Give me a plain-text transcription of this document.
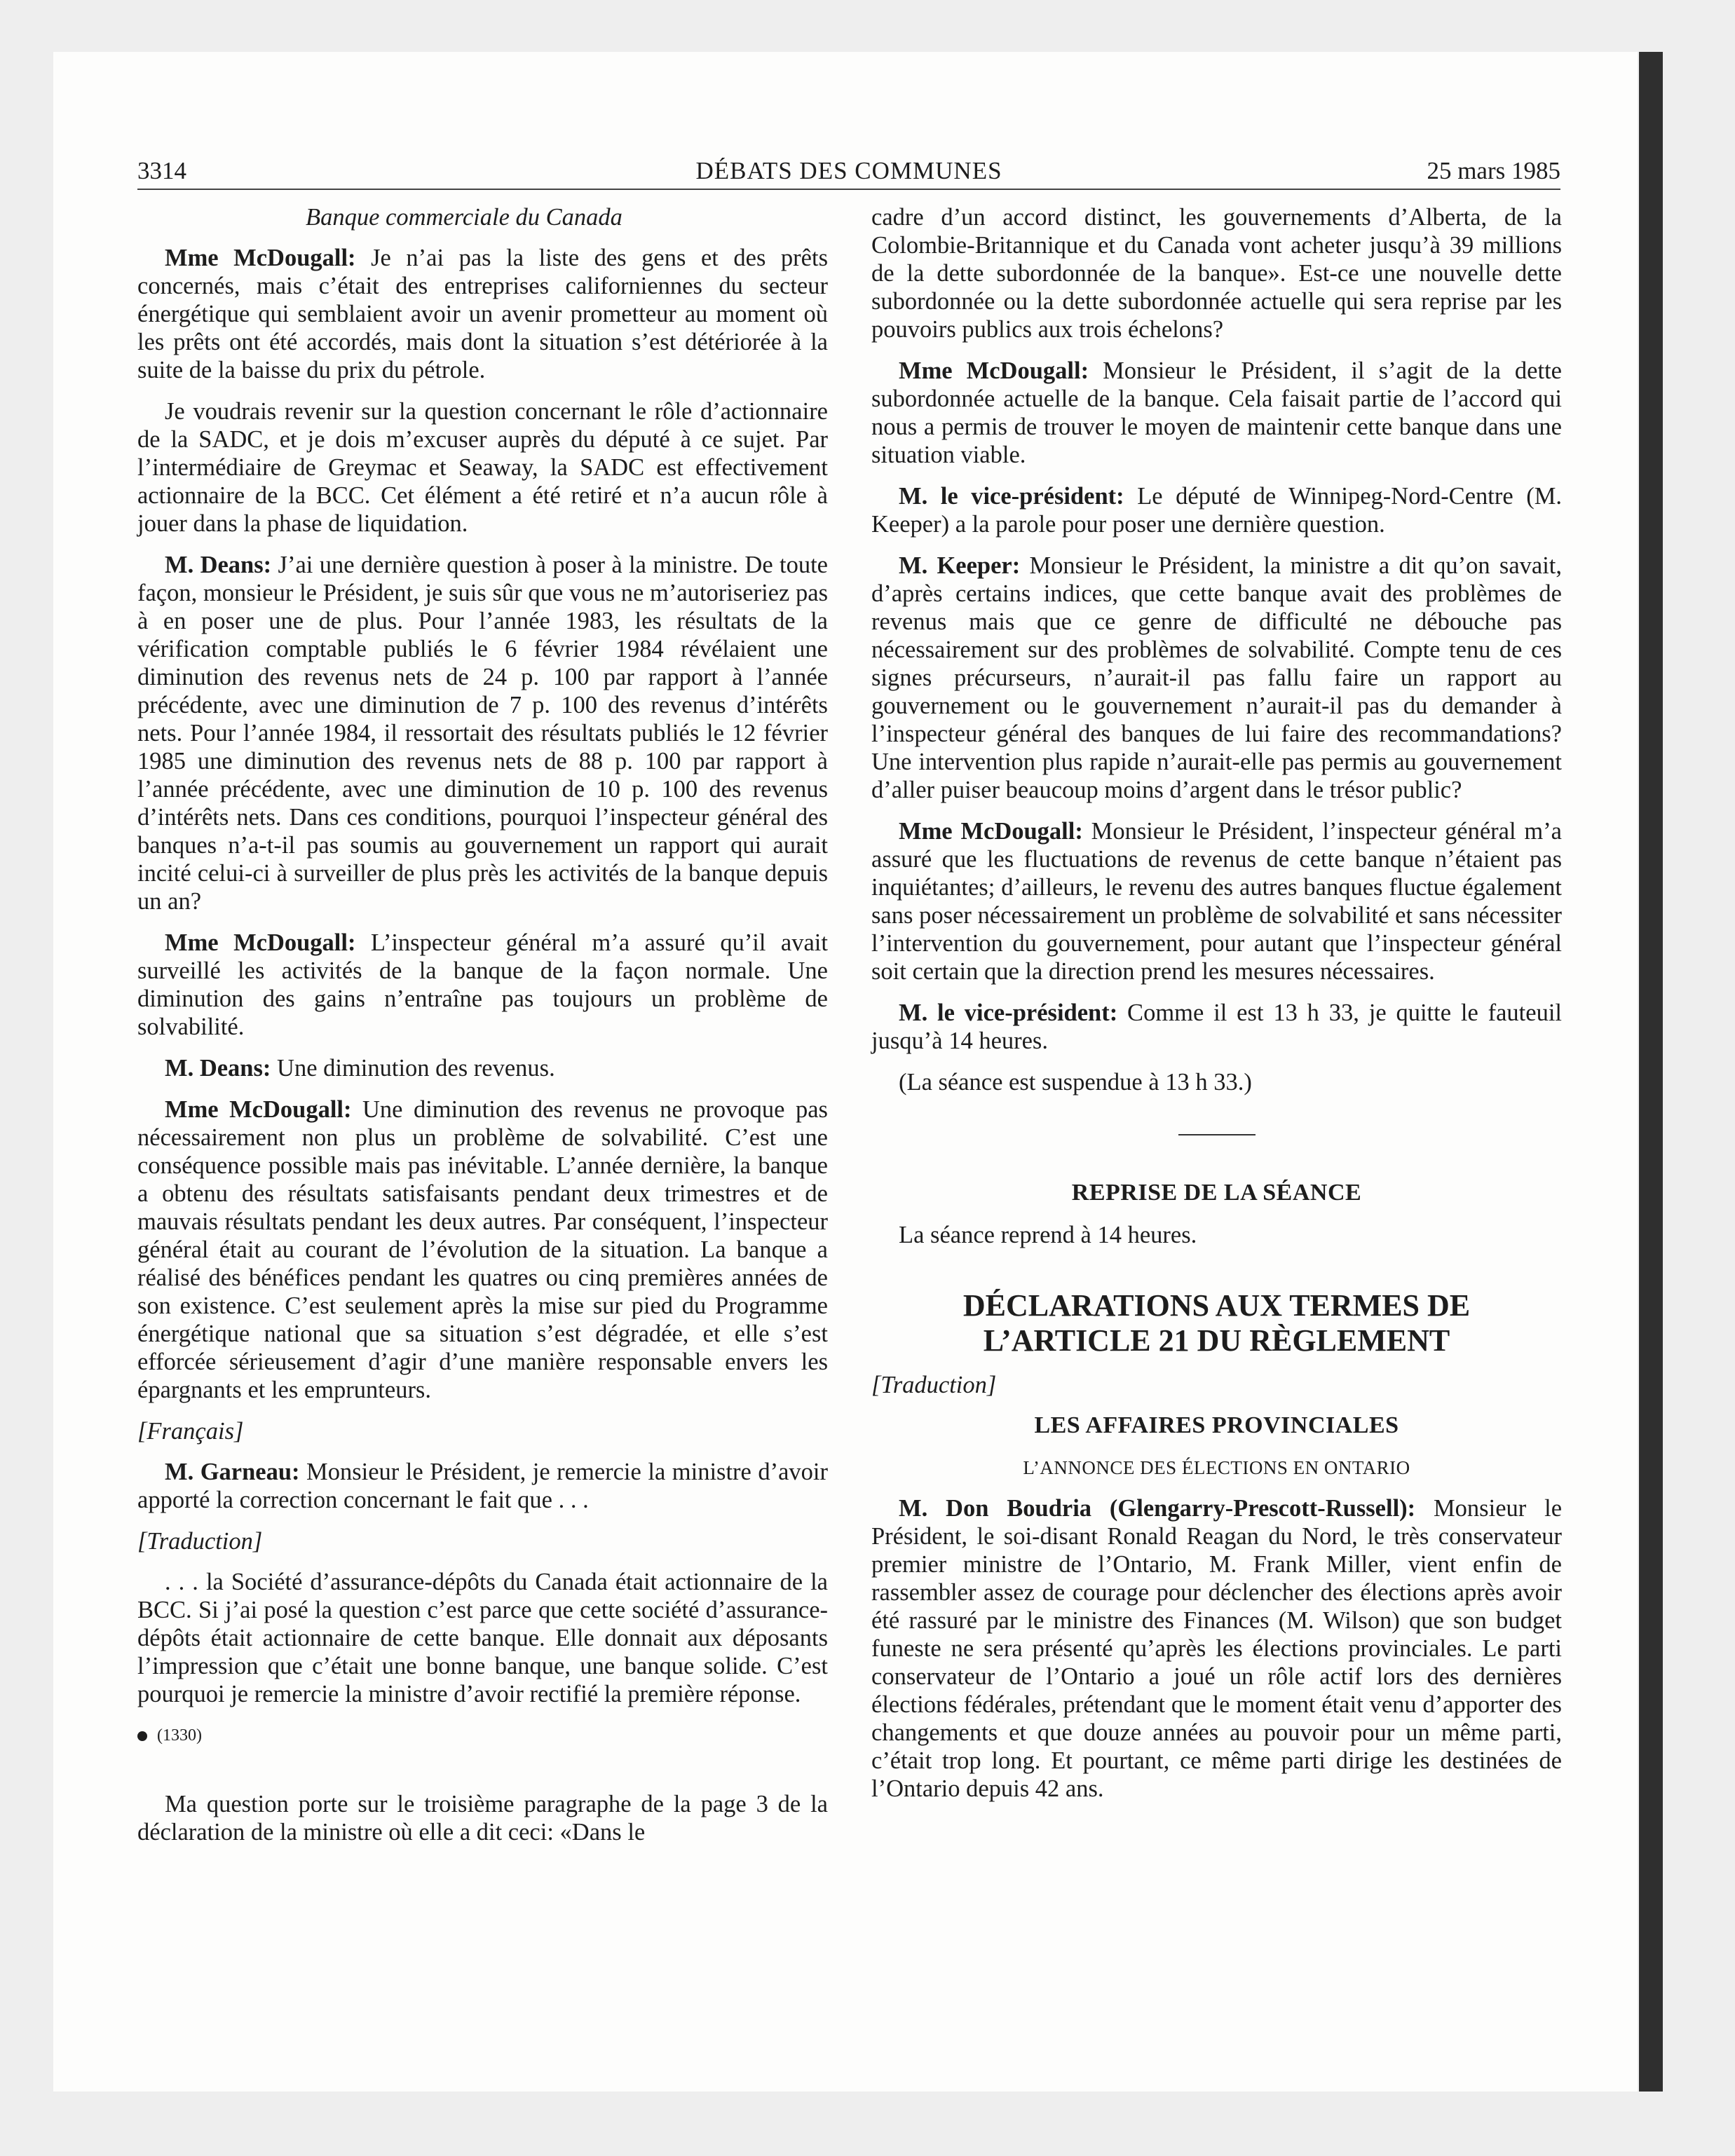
3314	DÉBATS DES COMMUNES	25 mars 1985
Banque commerciale du Canada

Mme McDougall: Je n’ai pas la liste des gens et des prêts concernés, mais c’était des entreprises californiennes du secteur énergétique qui semblaient avoir un avenir prometteur au moment où les prêts ont été accordés, mais dont la situation s’est détériorée à la suite de la baisse du prix du pétrole.

Je voudrais revenir sur la question concernant le rôle d’actionnaire de la SADC, et je dois m’excuser auprès du député à ce sujet. Par l’intermédiaire de Greymac et Seaway, la SADC est effectivement actionnaire de la BCC. Cet élément a été retiré et n’a aucun rôle à jouer dans la phase de liquidation.

M. Deans: J’ai une dernière question à poser à la ministre. De toute façon, monsieur le Président, je suis sûr que vous ne m’autoriseriez pas à en poser une de plus. Pour l’année 1983, les résultats de la vérification comptable publiés le 6 février 1984 révélaient une diminution des revenus nets de 24 p. 100 par rapport à l’année précédente, avec une diminution de 7 p. 100 des revenus d’intérêts nets. Pour l’année 1984, il ressortait des résultats publiés le 12 février 1985 une diminution des revenus nets de 88 p. 100 par rapport à l’année précédente, avec une diminution de 10 p. 100 des revenus d’intérêts nets. Dans ces conditions, pourquoi l’inspecteur général des banques n’a-t-il pas soumis au gouvernement un rapport qui aurait incité celui-ci à surveiller de plus près les activités de la banque depuis un an?

Mme McDougall: L’inspecteur général m’a assuré qu’il avait surveillé les activités de la banque de la façon normale. Une diminution des gains n’entraîne pas toujours un problème de solvabilité.

M. Deans: Une diminution des revenus.

Mme McDougall: Une diminution des revenus ne provoque pas nécessairement non plus un problème de solvabilité. C’est une conséquence possible mais pas inévitable. L’année dernière, la banque a obtenu des résultats satisfaisants pendant deux trimestres et de mauvais résultats pendant les deux autres. Par conséquent, l’inspecteur général était au courant de l’évolution de la situation. La banque a réalisé des bénéfices pendant les quatres ou cinq premières années de son existence. C’est seulement après la mise sur pied du Programme énergétique national que sa situation s’est dégradée, et elle s’est efforcée sérieusement d’agir d’une manière responsable envers les épargnants et les emprunteurs.

[Français]

M. Garneau: Monsieur le Président, je remercie la ministre d’avoir apporté la correction concernant le fait que . . .

[Traduction]

. . . la Société d’assurance-dépôts du Canada était actionnaire de la BCC. Si j’ai posé la question c’est parce que cette société d’assurance-dépôts était actionnaire de cette banque. Elle donnait aux déposants l’impression que c’était une bonne banque, une banque solide. C’est pourquoi je remercie la ministre d’avoir rectifié la première réponse.

(1330)

Ma question porte sur le troisième paragraphe de la page 3 de la déclaration de la ministre où elle a dit ceci: «Dans le

cadre d’un accord distinct, les gouvernements d’Alberta, de la Colombie-Britannique et du Canada vont acheter jusqu’à 39 millions de la dette subordonnée de la banque». Est-ce une nouvelle dette subordonnée ou la dette subordonnée actuelle qui sera reprise par les pouvoirs publics aux trois échelons?

Mme McDougall: Monsieur le Président, il s’agit de la dette subordonnée actuelle de la banque. Cela faisait partie de l’accord qui nous a permis de trouver le moyen de maintenir cette banque dans une situation viable.

M. le vice-président: Le député de Winnipeg-Nord-Centre (M. Keeper) a la parole pour poser une dernière question.

M. Keeper: Monsieur le Président, la ministre a dit qu’on savait, d’après certains indices, que cette banque avait des problèmes de revenus mais que ce genre de difficulté ne débouche pas nécessairement sur des problèmes de solvabilité. Compte tenu de ces signes précurseurs, n’aurait-il pas fallu faire un rapport au gouvernement ou le gouvernement n’aurait-il pas du demander à l’inspecteur général des banques de lui faire des recommandations? Une intervention plus rapide n’aurait-elle pas permis au gouvernement d’aller puiser beaucoup moins d’argent dans le trésor public?

Mme McDougall: Monsieur le Président, l’inspecteur général m’a assuré que les fluctuations de revenus de cette banque n’étaient pas inquiétantes; d’ailleurs, le revenu des autres banques fluctue également sans poser nécessairement un problème de solvabilité et sans nécessiter l’intervention du gouvernement, pour autant que l’inspecteur général soit certain que la direction prend les mesures nécessaires.

M. le vice-président: Comme il est 13 h 33, je quitte le fauteuil jusqu’à 14 heures.

(La séance est suspendue à 13 h 33.)

REPRISE DE LA SÉANCE

La séance reprend à 14 heures.

DÉCLARATIONS AUX TERMES DE
L’ARTICLE 21 DU RÈGLEMENT
[Traduction]
LES AFFAIRES PROVINCIALES
L’ANNONCE DES ÉLECTIONS EN ONTARIO

M. Don Boudria (Glengarry-Prescott-Russell): Monsieur le Président, le soi-disant Ronald Reagan du Nord, le très conservateur premier ministre de l’Ontario, M. Frank Miller, vient enfin de rassembler assez de courage pour déclencher des élections après avoir été rassuré par le ministre des Finances (M. Wilson) que son budget funeste ne sera présenté qu’après les élections provinciales. Le parti conservateur de l’Ontario a joué un rôle actif lors des dernières élections fédérales, prétendant que le moment était venu d’apporter des changements et que douze années au pouvoir pour un même parti, c’était trop long. Et pourtant, ce même parti dirige les destinées de l’Ontario depuis 42 ans.
